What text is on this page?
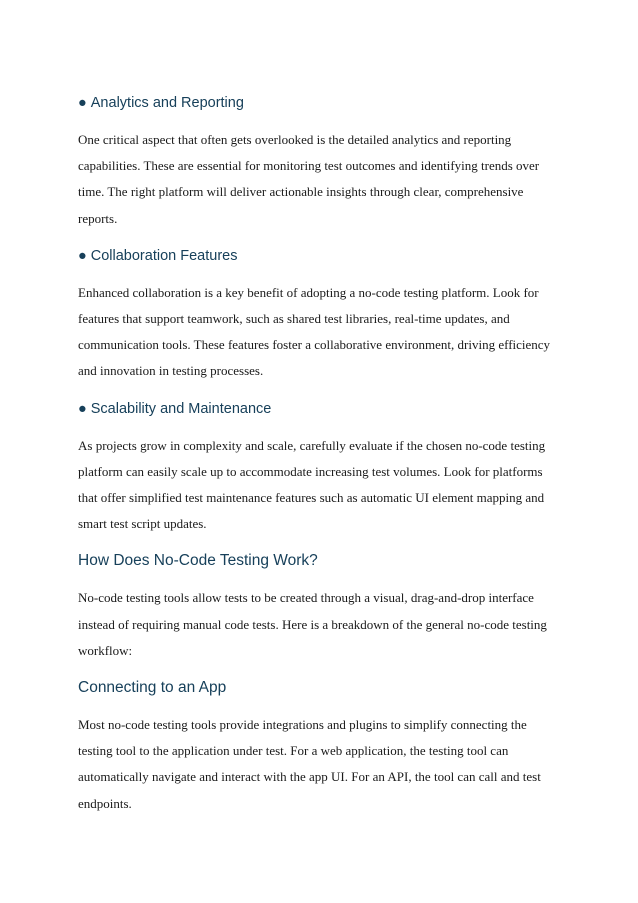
● Analytics and Reporting

One critical aspect that often gets overlooked is the detailed analytics and reporting capabilities. These are essential for monitoring test outcomes and identifying trends over time. The right platform will deliver actionable insights through clear, comprehensive reports.

● Collaboration Features

Enhanced collaboration is a key benefit of adopting a no-code testing platform. Look for features that support teamwork, such as shared test libraries, real-time updates, and communication tools. These features foster a collaborative environment, driving efficiency and innovation in testing processes.

● Scalability and Maintenance

As projects grow in complexity and scale, carefully evaluate if the chosen no-code testing platform can easily scale up to accommodate increasing test volumes. Look for platforms that offer simplified test maintenance features such as automatic UI element mapping and smart test script updates.

How Does No-Code Testing Work?

No-code testing tools allow tests to be created through a visual, drag-and-drop interface instead of requiring manual code tests. Here is a breakdown of the general no-code testing workflow:

Connecting to an App

Most no-code testing tools provide integrations and plugins to simplify connecting the testing tool to the application under test. For a web application, the testing tool can automatically navigate and interact with the app UI. For an API, the tool can call and test endpoints.
